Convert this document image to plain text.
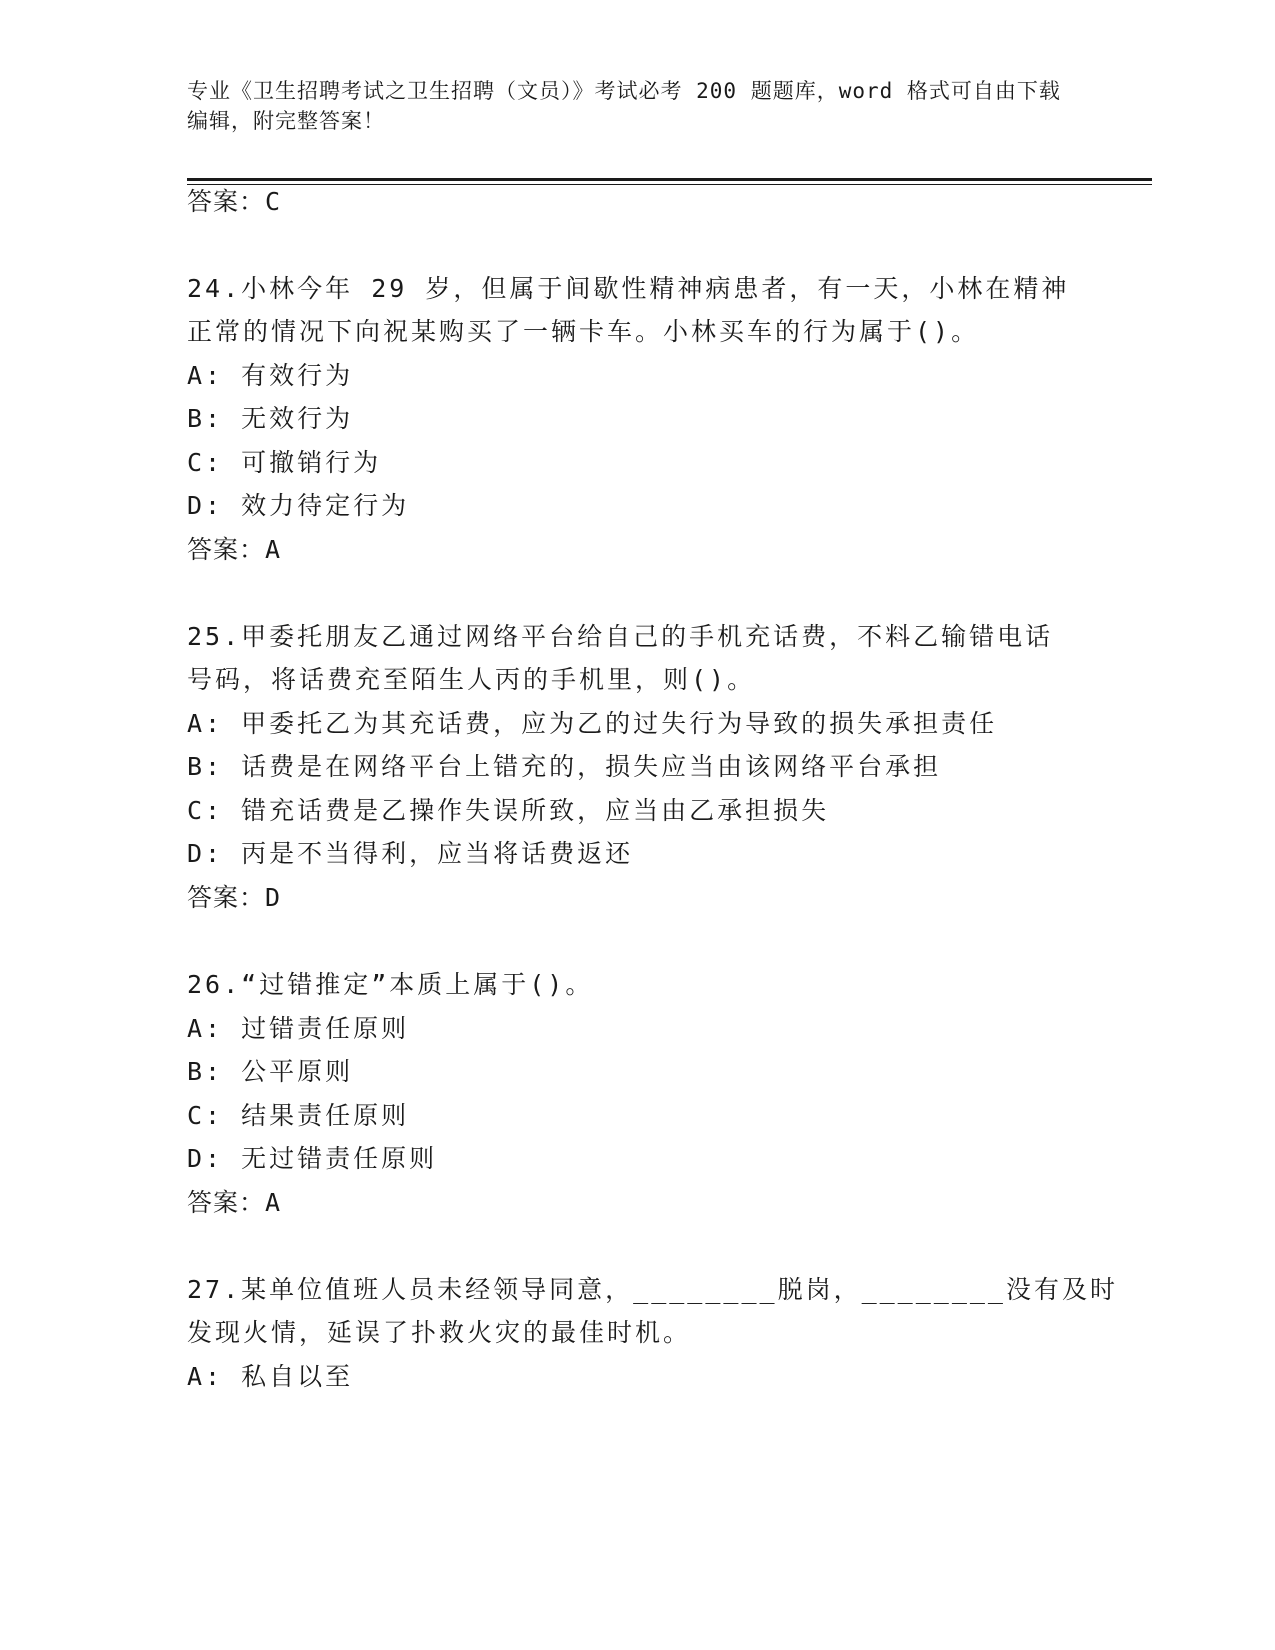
专业《卫生招聘考试之卫生招聘（文员）》考试必考 200 题题库，word 格式可自由下载编辑，附完整答案！
答案：C
24.小林今年 29 岁，但属于间歇性精神病患者，有一天，小林在精神
正常的情况下向祝某购买了一辆卡车。小林买车的行为属于()。
A: 有效行为
B: 无效行为
C: 可撤销行为
D: 效力待定行为
答案：A
25.甲委托朋友乙通过网络平台给自己的手机充话费，不料乙输错电话
号码，将话费充至陌生人丙的手机里，则()。
A: 甲委托乙为其充话费，应为乙的过失行为导致的损失承担责任
B: 话费是在网络平台上错充的，损失应当由该网络平台承担
C: 错充话费是乙操作失误所致，应当由乙承担损失
D: 丙是不当得利，应当将话费返还
答案：D
26.“过错推定”本质上属于()。
A: 过错责任原则
B: 公平原则
C: 结果责任原则
D: 无过错责任原则
答案：A
27.某单位值班人员未经领导同意，________脱岗，________没有及时
发现火情，延误了扑救火灾的最佳时机。
A: 私自以至
